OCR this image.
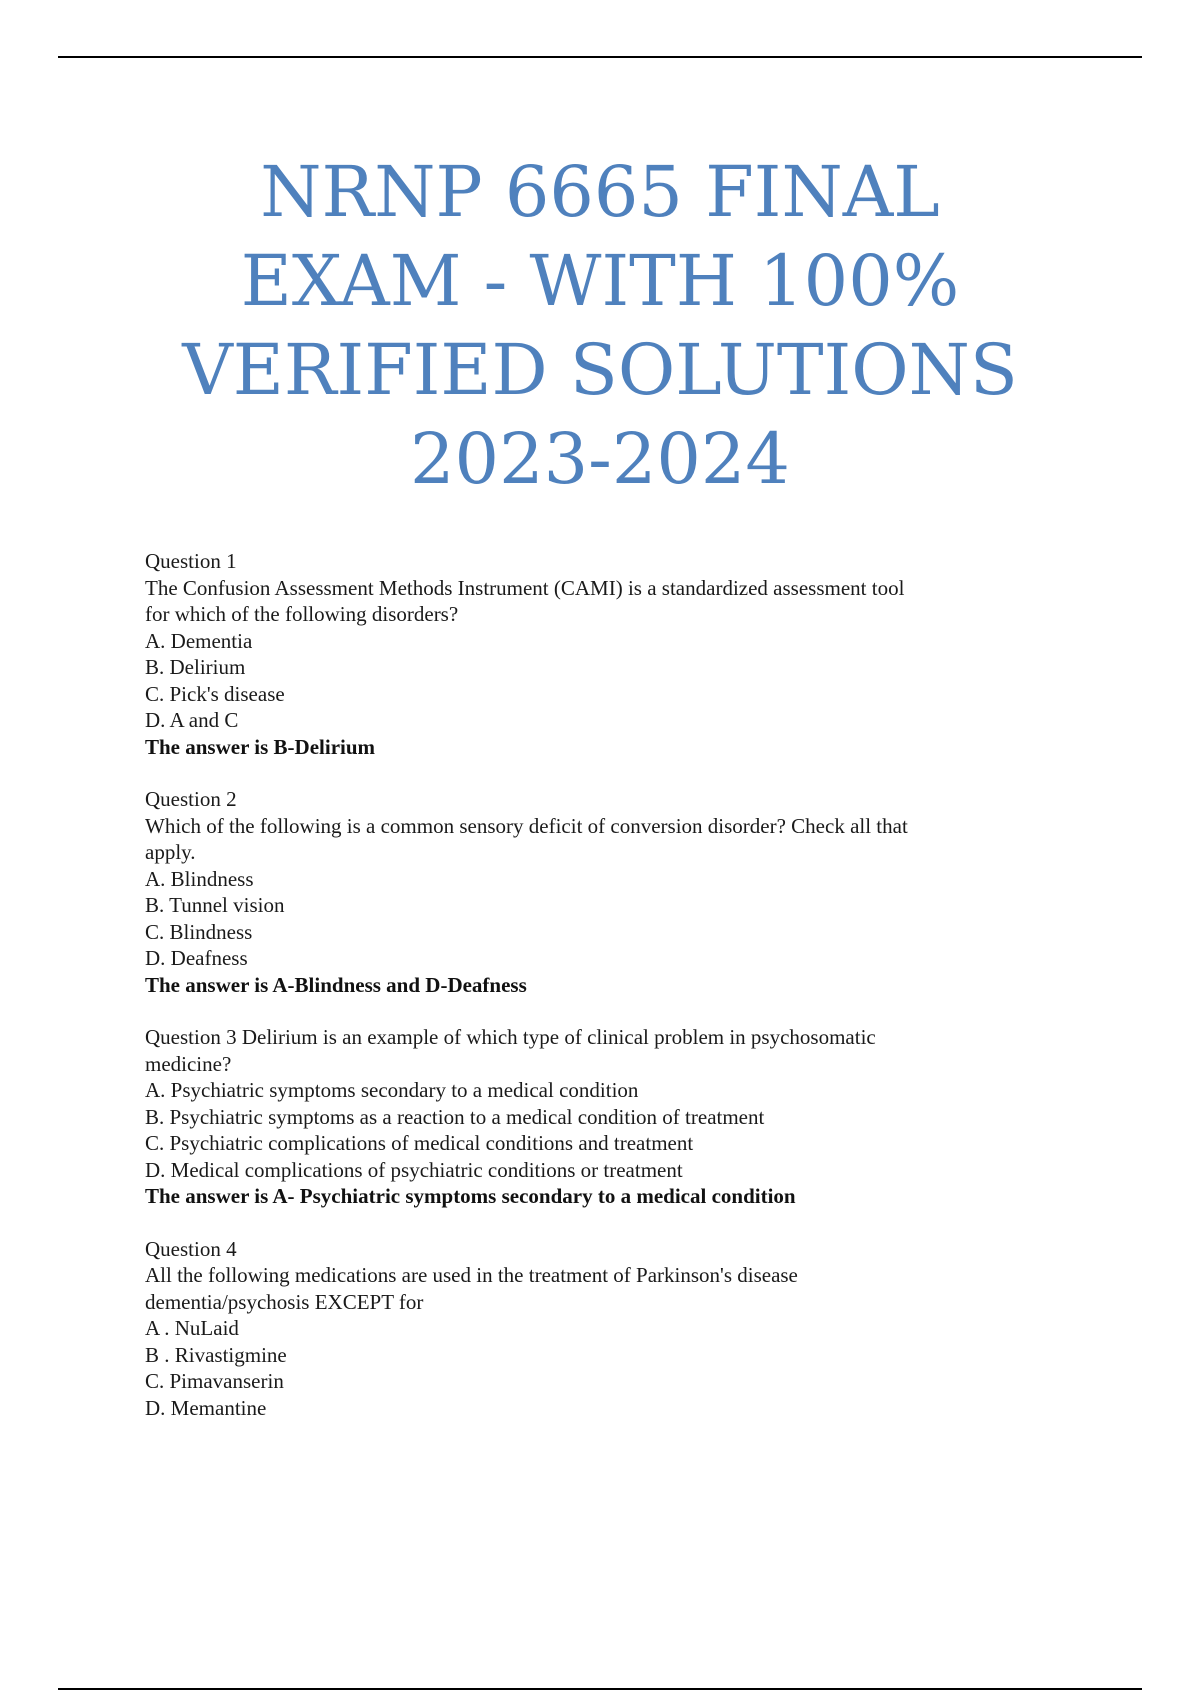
NRNP 6665 FINAL
EXAM - WITH 100%
VERIFIED SOLUTIONS
2023-2024
Question 1
The Confusion Assessment Methods Instrument (CAMI) is a standardized assessment tool
for which of the following disorders?
A. Dementia
B. Delirium
C. Pick's disease
D. A and C
The answer is B-Delirium
Question 2
Which of the following is a common sensory deficit of conversion disorder? Check all that
apply.
A. Blindness
B. Tunnel vision
C. Blindness
D. Deafness
The answer is A-Blindness and D-Deafness
Question 3 Delirium is an example of which type of clinical problem in psychosomatic
medicine?
A. Psychiatric symptoms secondary to a medical condition
B. Psychiatric symptoms as a reaction to a medical condition of treatment
C. Psychiatric complications of medical conditions and treatment
D. Medical complications of psychiatric conditions or treatment
The answer is A- Psychiatric symptoms secondary to a medical condition
Question 4
All the following medications are used in the treatment of Parkinson's disease
dementia/psychosis EXCEPT for
A . NuLaid
B . Rivastigmine
C. Pimavanserin
D. Memantine
